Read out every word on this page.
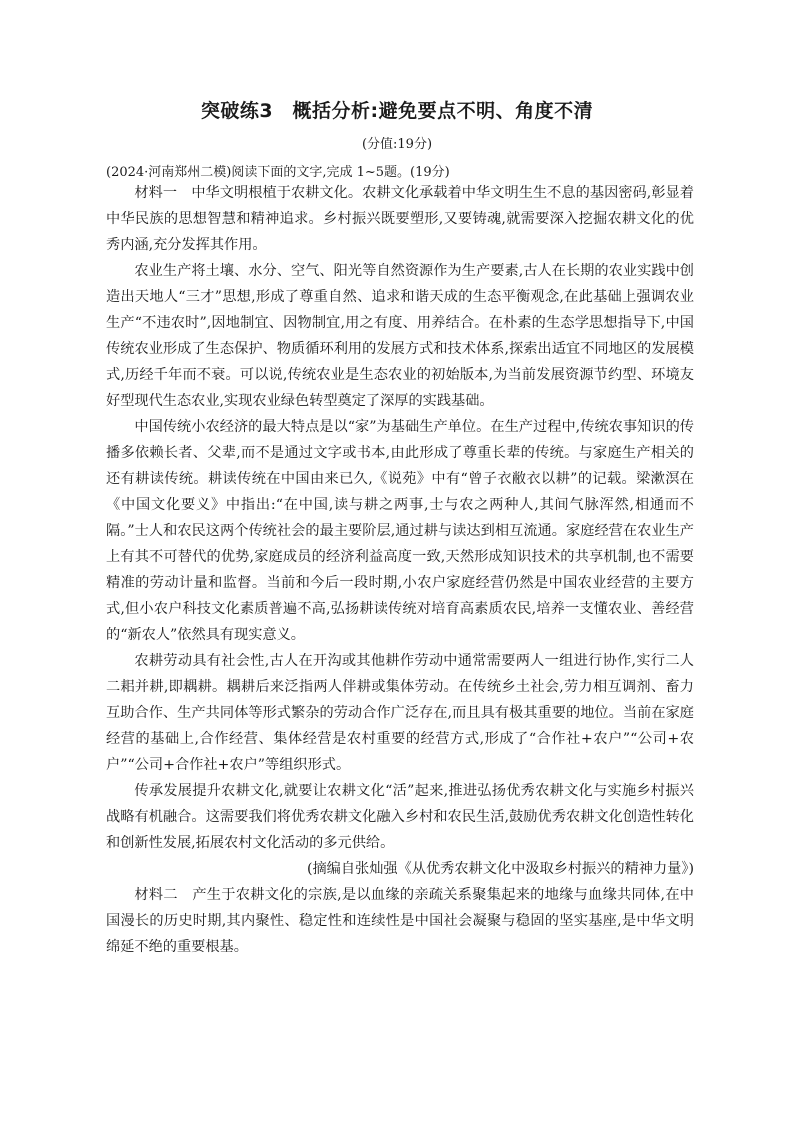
突破练3　概括分析:避免要点不明、角度不清
(分值:19分)
(2024·河南郑州二模)阅读下面的文字,完成 1~5题。(19分)

材料一　中华文明根植于农耕文化。农耕文化承载着中华文明生生不息的基因密码,彰显着中华民族的思想智慧和精神追求。乡村振兴既要塑形,又要铸魂,就需要深入挖掘农耕文化的优秀内涵,充分发挥其作用。

农业生产将土壤、水分、空气、阳光等自然资源作为生产要素,古人在长期的农业实践中创造出天地人“三才”思想,形成了尊重自然、追求和谐天成的生态平衡观念,在此基础上强调农业生产“不违农时”,因地制宜、因物制宜,用之有度、用养结合。在朴素的生态学思想指导下,中国传统农业形成了生态保护、物质循环利用的发展方式和技术体系,探索出适宜不同地区的发展模式,历经千年而不衰。可以说,传统农业是生态农业的初始版本,为当前发展资源节约型、环境友好型现代生态农业,实现农业绿色转型奠定了深厚的实践基础。

中国传统小农经济的最大特点是以“家”为基础生产单位。在生产过程中,传统农事知识的传播多依赖长者、父辈,而不是通过文字或书本,由此形成了尊重长辈的传统。与家庭生产相关的还有耕读传统。耕读传统在中国由来已久,《说苑》中有“曾子衣敝衣以耕”的记载。梁漱溟在《中国文化要义》中指出:“在中国,读与耕之两事,士与农之两种人,其间气脉浑然,相通而不隔。”士人和农民这两个传统社会的最主要阶层,通过耕与读达到相互流通。家庭经营在农业生产上有其不可替代的优势,家庭成员的经济利益高度一致,天然形成知识技术的共享机制,也不需要精准的劳动计量和监督。当前和今后一段时期,小农户家庭经营仍然是中国农业经营的主要方式,但小农户科技文化素质普遍不高,弘扬耕读传统对培育高素质农民,培养一支懂农业、善经营的“新农人”依然具有现实意义。

农耕劳动具有社会性,古人在开沟或其他耕作劳动中通常需要两人一组进行协作,实行二人二耜并耕,即耦耕。耦耕后来泛指两人伴耕或集体劳动。在传统乡土社会,劳力相互调剂、畜力互助合作、生产共同体等形式繁杂的劳动合作广泛存在,而且具有极其重要的地位。当前在家庭经营的基础上,合作经营、集体经营是农村重要的经营方式,形成了“合作社+农户”“公司+农户”“公司+合作社+农户”等组织形式。

传承发展提升农耕文化,就要让农耕文化“活”起来,推进弘扬优秀农耕文化与实施乡村振兴战略有机融合。这需要我们将优秀农耕文化融入乡村和农民生活,鼓励优秀农耕文化创造性转化和创新性发展,拓展农村文化活动的多元供给。

(摘编自张灿强《从优秀农耕文化中汲取乡村振兴的精神力量》)

材料二　产生于农耕文化的宗族,是以血缘的亲疏关系聚集起来的地缘与血缘共同体,在中国漫长的历史时期,其内聚性、稳定性和连续性是中国社会凝聚与稳固的坚实基座,是中华文明绵延不绝的重要根基。
